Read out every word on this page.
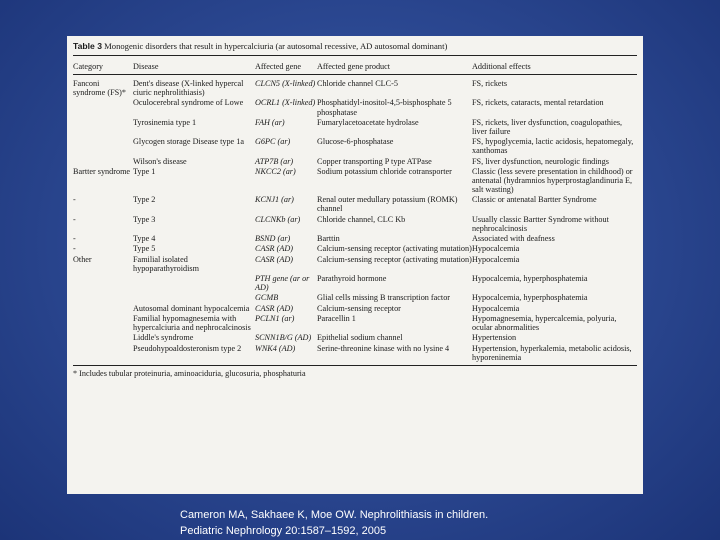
Table 3 Monogenic disorders that result in hypercalciuria (ar autosomal recessive, AD autosomal dominant)
Category	Disease	Affected gene	Affected gene product	Additional effects
Fanconi syndrome (FS)*	Dent's disease (X-linked hypercal ciuric nephrolithiasis)	CLCN5 (X-linked)	Chloride channel CLC-5	FS, rickets
	Oculocerebral syndrome of Lowe	OCRL1 (X-linked)	Phosphatidyl-inositol-4,5-bisphosphate 5 phosphatase	FS, rickets, cataracts, mental retardation
	Tyrosinemia type 1	FAH (ar)	Fumarylacetoacetate hydrolase	FS, rickets, liver dysfunction, coagulopathies, liver failure
	Glycogen storage Disease type 1a	G6PC (ar)	Glucose-6-phosphatase	FS, hypoglycemia, lactic acidosis, hepatomegaly, xanthomas
	Wilson's disease	ATP7B (ar)	Copper transporting P type ATPase	FS, liver dysfunction, neurologic findings
Bartter syndrome	Type 1	NKCC2 (ar)	Sodium potassium chloride cotransporter	Classic (less severe presentation in childhood) or antenatal (hydramnios hyperprostaglandinuria E, salt wasting)
-	Type 2	KCNJ1 (ar)	Renal outer medullary potassium (ROMK) channel	Classic or antenatal Bartter Syndrome
-	Type 3	CLCNKb (ar)	Chloride channel, CLC Kb	Usually classic Bartter Syndrome without nephrocalcinosis
-	Type 4	BSND (ar)	Barttin	Associated with deafness
-	Type 5	CASR (AD)	Calcium-sensing receptor (activating mutation)	Hypocalcemia
Other	Familial isolated hypoparathyroidism	CASR (AD)	Calcium-sensing receptor (activating mutation)	Hypocalcemia
		PTH gene (ar or AD)	Parathyroid hormone	Hypocalcemia, hyperphosphatemia
		GCMB	Glial cells missing B transcription factor	Hypocalcemia, hyperphosphatemia
	Autosomal dominant hypocalcemia	CASR (AD)	Calcium-sensing receptor	Hypocalcemia
	Familial hypomagnesemia with hypercalciuria and nephrocalcinosis	PCLN1 (ar)	Paracellin 1	Hypomagnesemia, hypercalcemia, polyuria, ocular abnormalities
	Liddle's syndrome	SCNN1B/G (AD)	Epithelial sodium channel	Hypertension
	Pseudohypoaldosteronism type 2	WNK4 (AD)	Serine-threonine kinase with no lysine 4	Hypertension, hyperkalemia, metabolic acidosis, hyporeninemia
* Includes tubular proteinuria, aminoaciduria, glucosuria, phosphaturia
Cameron MA, Sakhaee K, Moe OW. Nephrolithiasis in children.
Pediatric Nephrology 20:1587–1592, 2005
